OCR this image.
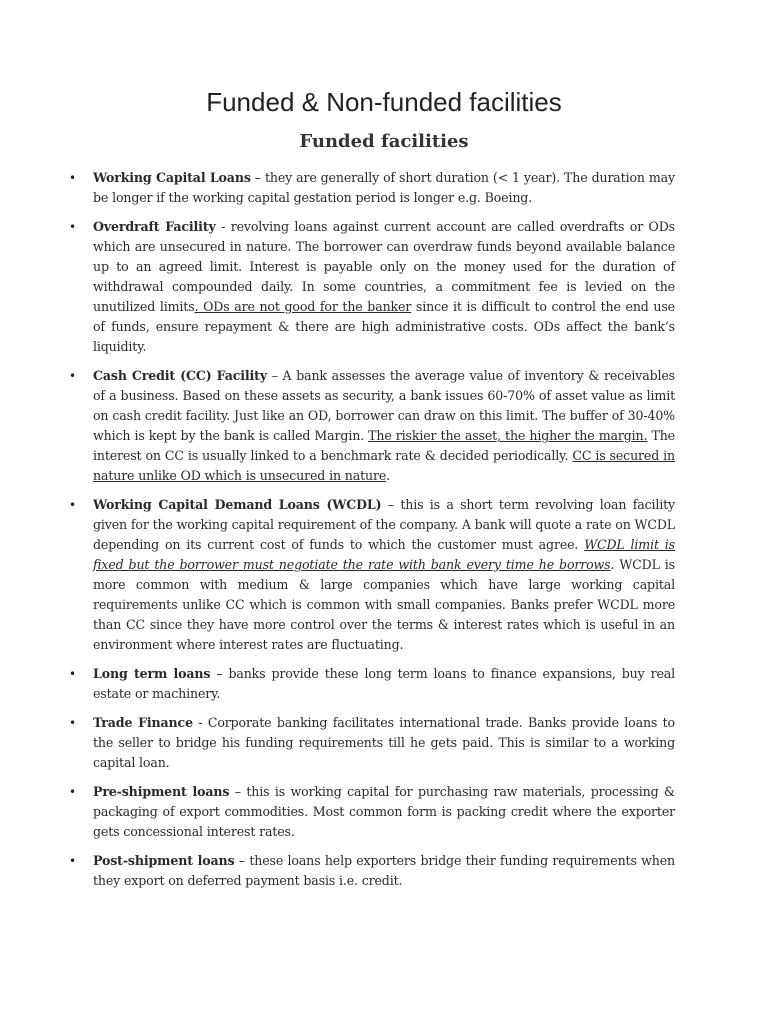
Funded & Non-funded facilities
Funded facilities
• Working Capital Loans – they are generally of short duration (< 1 year). The duration may be longer if the working capital gestation period is longer e.g. Boeing.
• Overdraft Facility - revolving loans against current account are called overdrafts or ODs which are unsecured in nature. The borrower can overdraw funds beyond available balance up to an agreed limit. Interest is payable only on the money used for the duration of withdrawal compounded daily. In some countries, a commitment fee is levied on the unutilized limits. ODs are not good for the banker since it is difficult to control the end use of funds, ensure repayment & there are high administrative costs. ODs affect the bank’s liquidity.
• Cash Credit (CC) Facility – A bank assesses the average value of inventory & receivables of a business. Based on these assets as security, a bank issues 60-70% of asset value as limit on cash credit facility. Just like an OD, borrower can draw on this limit. The buffer of 30-40% which is kept by the bank is called Margin. The riskier the asset, the higher the margin. The interest on CC is usually linked to a benchmark rate & decided periodically. CC is secured in nature unlike OD which is unsecured in nature.
• Working Capital Demand Loans (WCDL) – this is a short term revolving loan facility given for the working capital requirement of the company. A bank will quote a rate on WCDL depending on its current cost of funds to which the customer must agree. WCDL limit is fixed but the borrower must negotiate the rate with bank every time he borrows. WCDL is more common with medium & large companies which have large working capital requirements unlike CC which is common with small companies. Banks prefer WCDL more than CC since they have more control over the terms & interest rates which is useful in an environment where interest rates are fluctuating.
• Long term loans – banks provide these long term loans to finance expansions, buy real estate or machinery.
• Trade Finance - Corporate banking facilitates international trade. Banks provide loans to the seller to bridge his funding requirements till he gets paid. This is similar to a working capital loan.
• Pre-shipment loans – this is working capital for purchasing raw materials, processing & packaging of export commodities. Most common form is packing credit where the exporter gets concessional interest rates.
• Post-shipment loans – these loans help exporters bridge their funding requirements when they export on deferred payment basis i.e. credit.
